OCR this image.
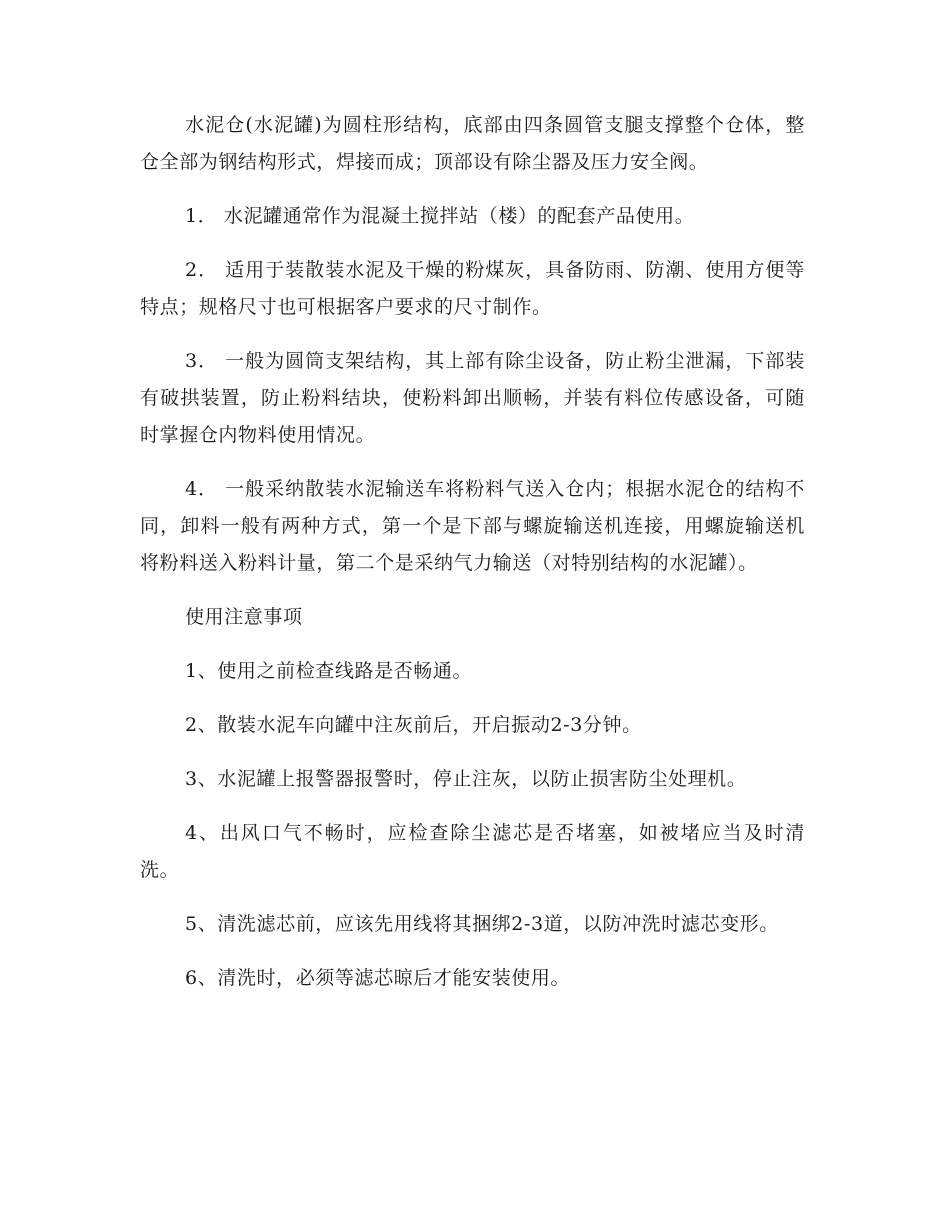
水泥仓(水泥罐)为圆柱形结构，底部由四条圆管支腿支撑整个仓体，整仓全部为钢结构形式，焊接而成；顶部设有除尘器及压力安全阀。

1． 水泥罐通常作为混凝土搅拌站（楼）的配套产品使用。

2． 适用于装散装水泥及干燥的粉煤灰，具备防雨、防潮、使用方便等特点；规格尺寸也可根据客户要求的尺寸制作。

3． 一般为圆筒支架结构，其上部有除尘设备，防止粉尘泄漏，下部装有破拱装置，防止粉料结块，使粉料卸出顺畅，并装有料位传感设备，可随时掌握仓内物料使用情况。

4． 一般采纳散装水泥输送车将粉料气送入仓内；根据水泥仓的结构不同，卸料一般有两种方式，第一个是下部与螺旋输送机连接，用螺旋输送机将粉料送入粉料计量，第二个是采纳气力输送（对特别结构的水泥罐）。

使用注意事项

1、使用之前检查线路是否畅通。

2、散装水泥车向罐中注灰前后，开启振动2-3分钟。

3、水泥罐上报警器报警时，停止注灰，以防止损害防尘处理机。

4、出风口气不畅时，应检查除尘滤芯是否堵塞，如被堵应当及时清洗。

5、清洗滤芯前，应该先用线将其捆绑2-3道，以防冲洗时滤芯变形。

6、清洗时，必须等滤芯晾后才能安装使用。
